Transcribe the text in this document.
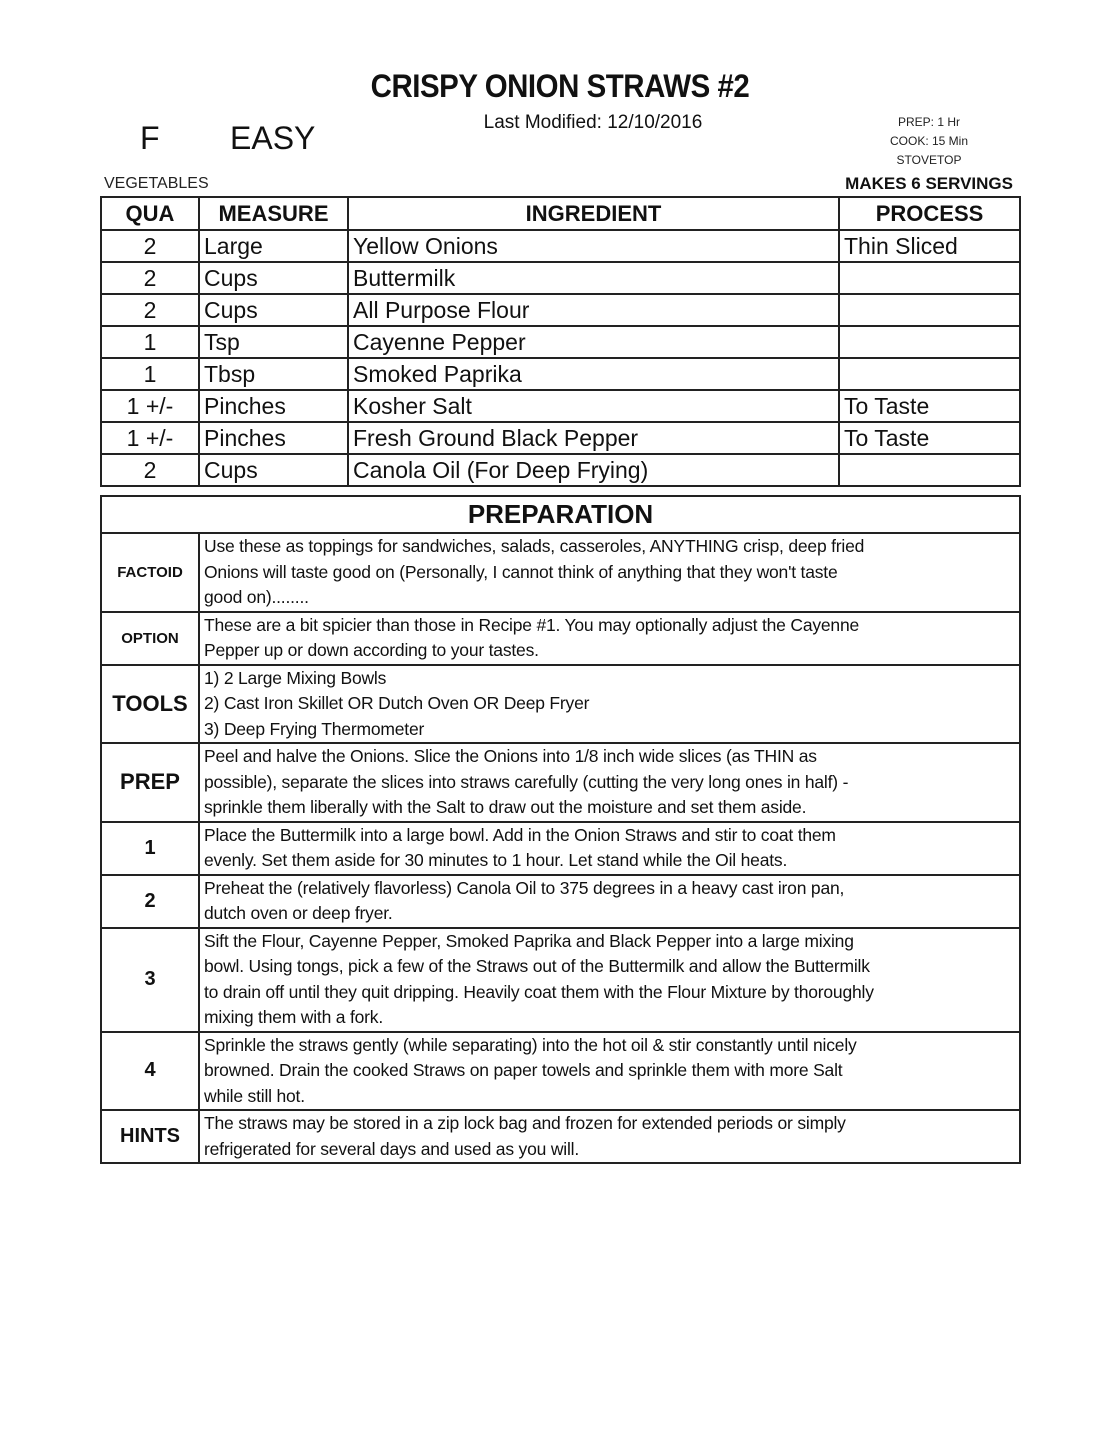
CRISPY ONION STRAWS #2
Last Modified: 12/10/2016
F EASY	PREP: 1 Hr
COOK: 15 Min
STOVETOP
VEGETABLES	MAKES 6 SERVINGS
QUA	MEASURE	INGREDIENT	PROCESS
2	Large	Yellow Onions	Thin Sliced
2	Cups	Buttermilk	
2	Cups	All Purpose Flour	
1	Tsp	Cayenne Pepper	
1	Tbsp	Smoked Paprika	
1 +/-	Pinches	Kosher Salt	To Taste
1 +/-	Pinches	Fresh Ground Black Pepper	To Taste
2	Cups	Canola Oil (For Deep Frying)	
PREPARATION	
FACTOID	Use these as toppings for sandwiches, salads, casseroles, ANYTHING crisp, deep fried
Onions will taste good on (Personally, I cannot think of anything that they won't taste
good on)........

OPTION	These are a bit spicier than those in Recipe #1. You may optionally adjust the Cayenne
Pepper up or down according to your tastes.

TOOLS	1) 2 Large Mixing Bowls
2) Cast Iron Skillet OR Dutch Oven OR Deep Fryer
3) Deep Frying Thermometer

PREP	Peel and halve the Onions. Slice the Onions into 1/8 inch wide slices (as THIN as
possible), separate the slices into straws carefully (cutting the very long ones in half) -
sprinkle them liberally with the Salt to draw out the moisture and set them aside.

1	Place the Buttermilk into a large bowl. Add in the Onion Straws and stir to coat them
evenly. Set them aside for 30 minutes to 1 hour. Let stand while the Oil heats.

2	Preheat the (relatively flavorless) Canola Oil to 375 degrees in a heavy cast iron pan,
dutch oven or deep fryer.

3	Sift the Flour, Cayenne Pepper, Smoked Paprika and Black Pepper into a large mixing
bowl. Using tongs, pick a few of the Straws out of the Buttermilk and allow the Buttermilk
to drain off until they quit dripping. Heavily coat them with the Flour Mixture by thoroughly
mixing them with a fork.

4	Sprinkle the straws gently (while separating) into the hot oil & stir constantly until nicely
browned. Drain the cooked Straws on paper towels and sprinkle them with more Salt
while still hot.

HINTS	The straws may be stored in a zip lock bag and frozen for extended periods or simply
refrigerated for several days and used as you will.
